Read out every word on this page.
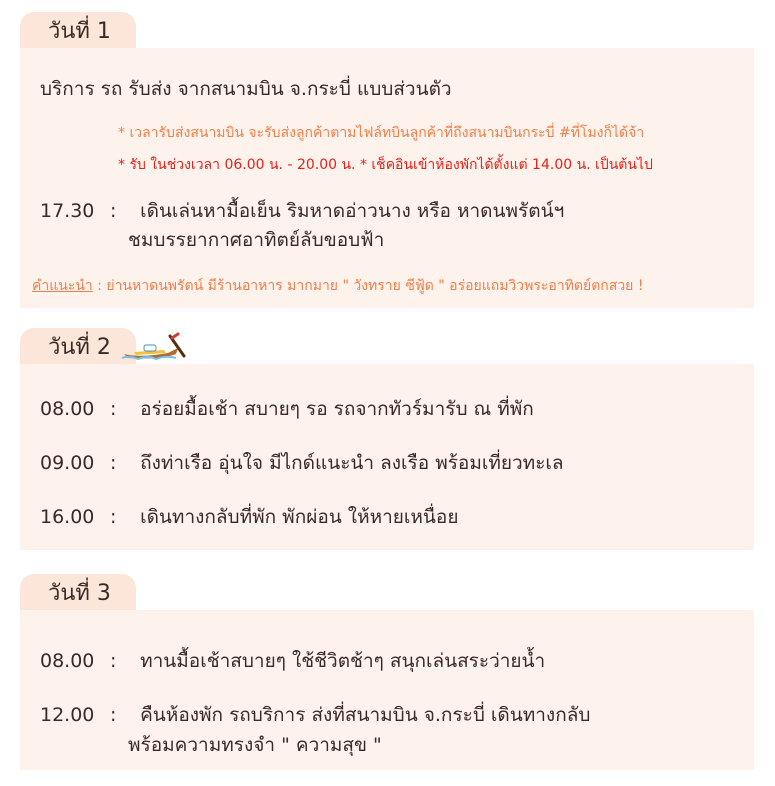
วันที่ 1
บริการ รถ รับส่ง จากสนามบิน จ.กระบี่ แบบส่วนตัว
* เวลารับส่งสนามบิน จะรับส่งลูกค้าตามไฟล์ทบินลูกค้าที่ถึงสนามบินกระบี่ #ที่โมงก็ได้จ้า
* รับ ในช่วงเวลา 06.00 น. - 20.00 น. * เช็คอินเข้าห้องพักได้ตั้งแต่ 14.00 น. เป็นต้นไป
17.30 : เดินเล่นหามื้อเย็น ริมหาดอ่าวนาง หรือ หาดนพรัตน์ฯ
ชมบรรยากาศอาทิตย์ลับขอบฟ้า
คำแนะนำ : ย่านหาดนพรัตน์ มีร้านอาหาร มากมาย " วังทราย ซีฟู้ด " อร่อยแถมวิวพระอาทิตย์ตกสวย !
วันที่ 2
08.00 : อร่อยมื้อเช้า สบายๆ รอ รถจากทัวร์มารับ ณ ที่พัก
09.00 : ถึงท่าเรือ อุ่นใจ มีไกด์แนะนำ ลงเรือ พร้อมเที่ยวทะเล
16.00 : เดินทางกลับที่พัก พักผ่อน ให้หายเหนื่อย
วันที่ 3
08.00 : ทานมื้อเช้าสบายๆ ใช้ชีวิตช้าๆ สนุกเล่นสระว่ายน้ำ
12.00 : คืนห้องพัก รถบริการ ส่งที่สนามบิน จ.กระบี่ เดินทางกลับ
พร้อมความทรงจำ " ความสุข "
